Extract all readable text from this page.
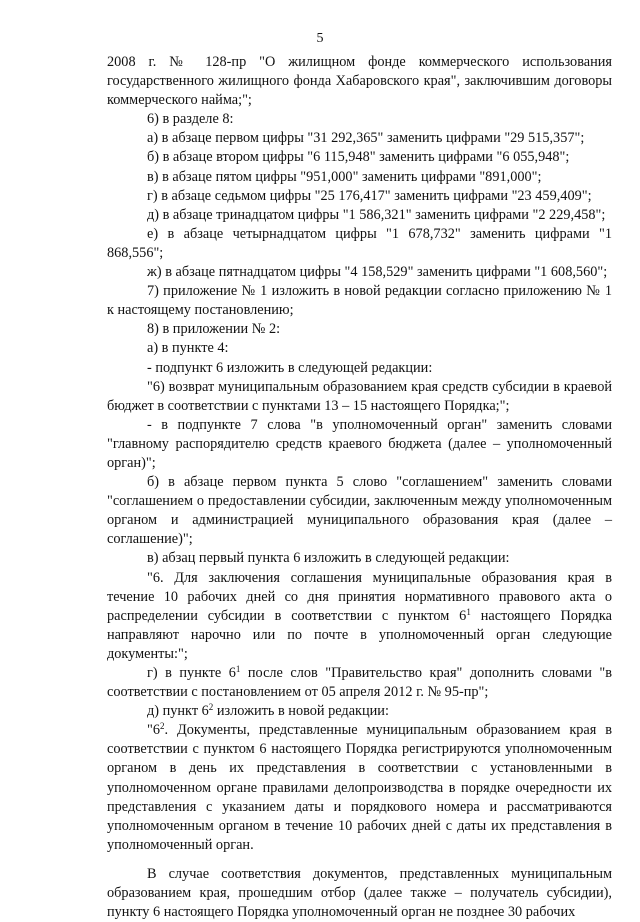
5

2008 г. № 128-пр "О жилищном фонде коммерческого использования государственного жилищного фонда Хабаровского края", заключившим договоры коммерческого найма;";

6) в разделе 8:

а) в абзаце первом цифры "31 292,365" заменить цифрами "29 515,357";

б) в абзаце втором цифры "6 115,948" заменить цифрами "6 055,948";

в) в абзаце пятом цифры "951,000" заменить цифрами "891,000";

г) в абзаце седьмом цифры "25 176,417" заменить цифрами "23 459,409";

д) в абзаце тринадцатом цифры "1 586,321" заменить цифрами "2 229,458";

е) в абзаце четырнадцатом цифры "1 678,732" заменить цифрами "1 868,556";

ж) в абзаце пятнадцатом цифры "4 158,529" заменить цифрами "1 608,560";

7) приложение № 1 изложить в новой редакции согласно приложению № 1 к настоящему постановлению;

8) в приложении № 2:

а) в пункте 4:

- подпункт 6 изложить в следующей редакции:

"6) возврат муниципальным образованием края средств субсидии в краевой бюджет в соответствии с пунктами 13 – 15 настоящего Порядка;";

- в подпункте 7 слова "в уполномоченный орган" заменить словами "главному распорядителю средств краевого бюджета (далее – уполномоченный орган)";

б) в абзаце первом пункта 5 слово "соглашением" заменить словами "соглашением о предоставлении субсидии, заключенным между уполномоченным органом и администрацией муниципального образования края (далее – соглашение)";

в) абзац первый пункта 6 изложить в следующей редакции:

"6. Для заключения соглашения муниципальные образования края в течение 10 рабочих дней со дня принятия нормативного правового акта о распределении субсидии в соответствии с пунктом $6^1$ настоящего Порядка направляют нарочно или по почте в уполномоченный орган следующие документы:";

г) в пункте $6^1$ после слов "Правительство края" дополнить словами "в соответствии с постановлением от 05 апреля 2012 г. № 95-пр";

д) пункт $6^2$ изложить в новой редакции:

"$6^2$. Документы, представленные муниципальным образованием края в соответствии с пунктом 6 настоящего Порядка регистрируются уполномоченным органом в день их представления в соответствии с установленными в уполномоченном органе правилами делопроизводства в порядке очередности их представления с указанием даты и порядкового номера и рассматриваются уполномоченным органом в течение 10 рабочих дней с даты их представления в уполномоченный орган.

В случае соответствия документов, представленных муниципальным образованием края, прошедшим отбор (далее также – получатель субсидии), пункту 6 настоящего Порядка уполномоченный орган не позднее 30 рабочих
